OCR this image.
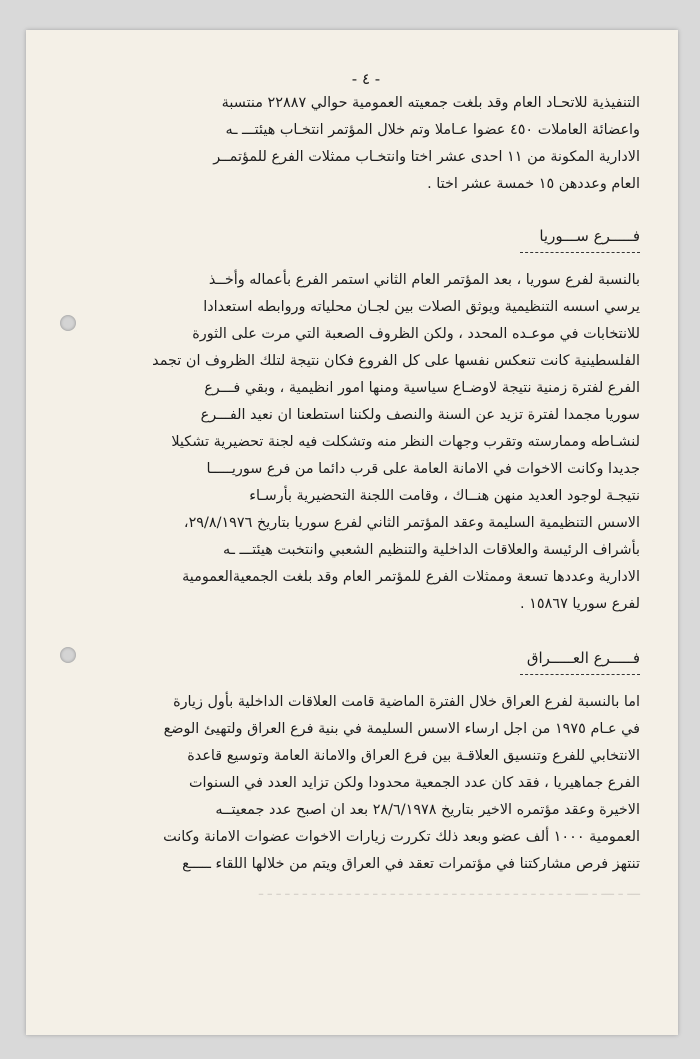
- ٤ -

التنفيذية للاتحـاد العام وقد بلغت جمعيته العمومية حوالي ٢٢٨٨٧ منتسبة

واعضائة العاملات ٤٥٠ عضوا عـاملا وتم خلال المؤتمر انتخـاب هيئتـــ ـه

الادارية المكونة من ١١ احدى عشر اختا وانتخـاب ممثلات الفرع للمؤتمــر

العام وعددهن ١٥ خمسة عشر اختا .

فـــــرع ســـوريا

بالنسبة لفرع سوريا ، بعد المؤتمر العام الثاني استمر الفرع بأعماله وأخــذ

يرسي اسسه التنظيمية ويوثق الصلات بين لجـان محلياته وروابطه استعدادا

للانتخابات في موعـده المحدد ، ولكن الظروف الصعبة التي مرت على الثورة

الفلسطينية كانت تنعكس نفسها على كل الفروع فكان نتيجة لتلك الظروف ان تجمد

الفرع لفترة زمنية نتيجة لاوضـاع سياسية ومنها امور انظيمية ، وبقي فـــرع

سوريا مجمدا لفترة تزيد عن السنة والنصف ولكننا استطعنا ان نعيد الفـــرع

لنشـاطه وممارسته وتقرب وجهات النظر منه وتشكلت فيه لجنة تحضيرية تشكيلا

جديدا وكانت الاخوات في الامانة العامة على قرب دائما من فرع سوريـــــا

نتيجـة لوجود العديد منهن هنــاك ، وقامت اللجنة التحضيرية بأرسـاء

الاسس التنظيمية السليمة وعقد المؤتمر الثاني لفرع سوريا بتاريخ ٢٩/٨/١٩٧٦،

بأشراف الرئيسة والعلاقات الداخلية والتنظيم الشعبي وانتخبت هيئتـــ ـه

الادارية وعددها تسعة وممثلات الفرع للمؤتمر العام وقد بلغت الجمعيةالعمومية

لفرع سوريا ١٥٨٦٧ .

فـــــرع العـــــراق

اما بالنسبة لفرع العراق خلال الفترة الماضية قامت العلاقات الداخلية بأول زيارة

في عـام ١٩٧٥ من اجل ارساء الاسس السليمة في بنية فرع العراق ولتهيئ الوضع

الانتخابي للفرع وتنسيق العلاقـة بين فرع العراق والامانة العامة وتوسيع قاعدة

الفرع جماهيريا ، فقد كان عدد الجمعية محدودا ولكن تزايد العدد في السنوات

الاخيرة وعقد مؤتمره الاخير بتاريخ ٢٨/٦/١٩٧٨ بعد ان اصبح عدد جمعيتــه

العمومية ١٠٠٠ ألف عضو وبعد ذلك تكررت زيارات الاخوات عضوات الامانة وكانت

تنتهز فرص مشاركتنا في مؤتمرات تعقد في العراق ويتم من خلالها اللقاء ـــــع

ـــ ـ ـــ ـ ـــ ـ ـ ـ ـ ـ ـ ـ ـ ـ ـ ـ ـ ـ ـ ـ ـ ـ ـ ـ ـ ـ ـ ـ ـ ـ ـ ـ ـ ـ ـ ـ ـ ـ ـ ـ ـ
